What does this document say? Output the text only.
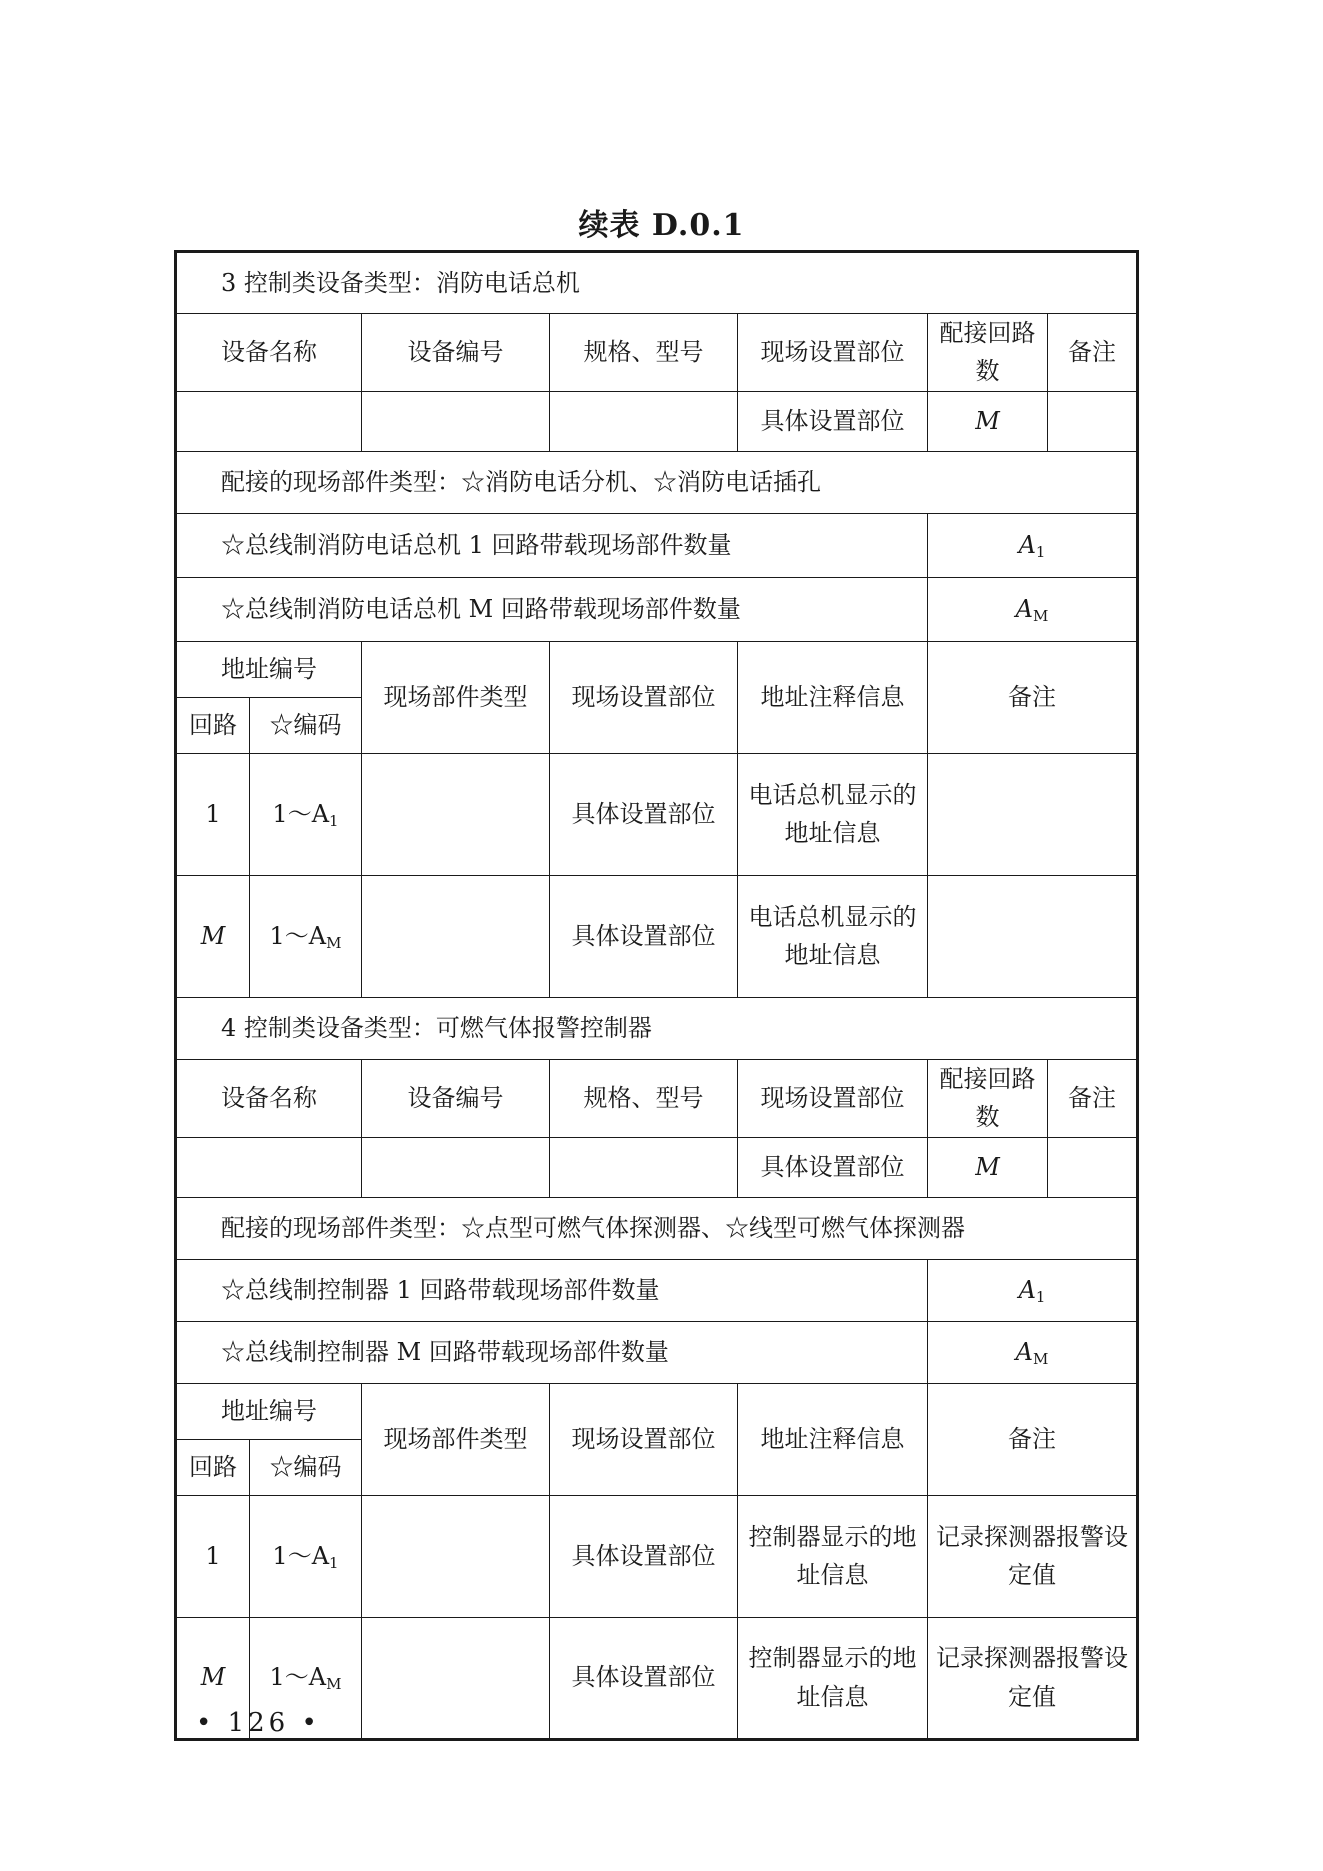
续表 D.0.1
3 控制类设备类型：消防电话总机						
设备名称		设备编号	规格、型号	现场设置部位	配接回路数	备注
				具体设置部位	M	
配接的现场部件类型：☆消防电话分机、☆消防电话插孔						
☆总线制消防电话总机 1 回路带载现场部件数量					$A_1$
☆总线制消防电话总机 M 回路带载现场部件数量					$A_M$
地址编号		现场部件类型	现场设置部位	地址注释信息	备注	
回路	☆编码					
1	$1\sim A_1$		具体设置部位	电话总机显示的地址信息		
M	$1\sim A_M$		具体设置部位	电话总机显示的地址信息		
4 控制类设备类型：可燃气体报警控制器						
设备名称		设备编号	规格、型号	现场设置部位	配接回路数	备注
				具体设置部位	M	
配接的现场部件类型：☆点型可燃气体探测器、☆线型可燃气体探测器						
☆总线制控制器 1 回路带载现场部件数量					$A_1$
☆总线制控制器 M 回路带载现场部件数量					$A_M$
地址编号		现场部件类型	现场设置部位	地址注释信息	备注	
回路	☆编码					
1	$1\sim A_1$		具体设置部位	控制器显示的地址信息	记录探测器报警设定值	
M	$1\sim A_M$		具体设置部位	控制器显示的地址信息	记录探测器报警设定值	
• 126 •
